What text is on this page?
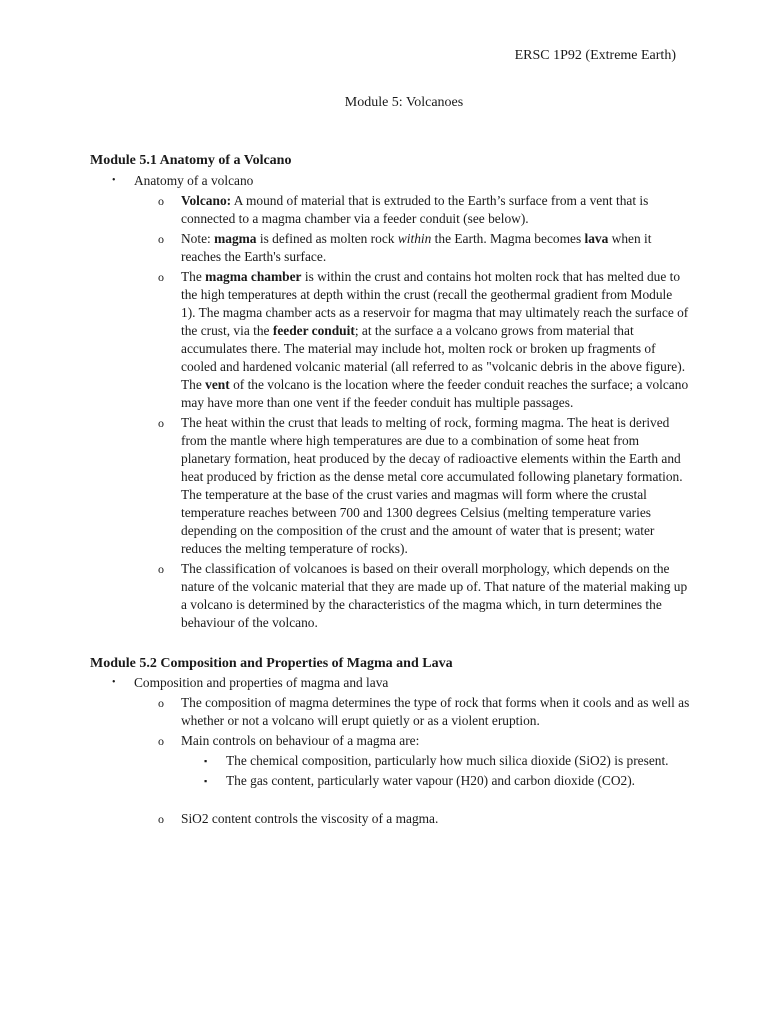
ERSC 1P92 (Extreme Earth)
Module 5: Volcanoes
Module 5.1 Anatomy of a Volcano
• Anatomy of a volcano
o Volcano: A mound of material that is extruded to the Earth’s surface from a vent that is connected to a magma chamber via a feeder conduit (see below).
o Note: magma is defined as molten rock within the Earth. Magma becomes lava when it reaches the Earth's surface.
o The magma chamber is within the crust and contains hot molten rock that has melted due to the high temperatures at depth within the crust (recall the geothermal gradient from Module 1). The magma chamber acts as a reservoir for magma that may ultimately reach the surface of the crust, via the feeder conduit; at the surface a a volcano grows from material that accumulates there. The material may include hot, molten rock or broken up fragments of cooled and hardened volcanic material (all referred to as "volcanic debris in the above figure). The vent of the volcano is the location where the feeder conduit reaches the surface; a volcano may have more than one vent if the feeder conduit has multiple passages.
o The heat within the crust that leads to melting of rock, forming magma. The heat is derived from the mantle where high temperatures are due to a combination of some heat from planetary formation, heat produced by the decay of radioactive elements within the Earth and heat produced by friction as the dense metal core accumulated following planetary formation. The temperature at the base of the crust varies and magmas will form where the crustal temperature reaches between 700 and 1300 degrees Celsius (melting temperature varies depending on the composition of the crust and the amount of water that is present; water reduces the melting temperature of rocks).
o The classification of volcanoes is based on their overall morphology, which depends on the nature of the volcanic material that they are made up of. That nature of the material making up a volcano is determined by the characteristics of the magma which, in turn determines the behaviour of the volcano.
Module 5.2 Composition and Properties of Magma and Lava
• Composition and properties of magma and lava
o The composition of magma determines the type of rock that forms when it cools and as well as whether or not a volcano will erupt quietly or as a violent eruption.
o Main controls on behaviour of a magma are:
▪ The chemical composition, particularly how much silica dioxide (SiO2) is present.
▪ The gas content, particularly water vapour (H20) and carbon dioxide (CO2).
o SiO2 content controls the viscosity of a magma.
